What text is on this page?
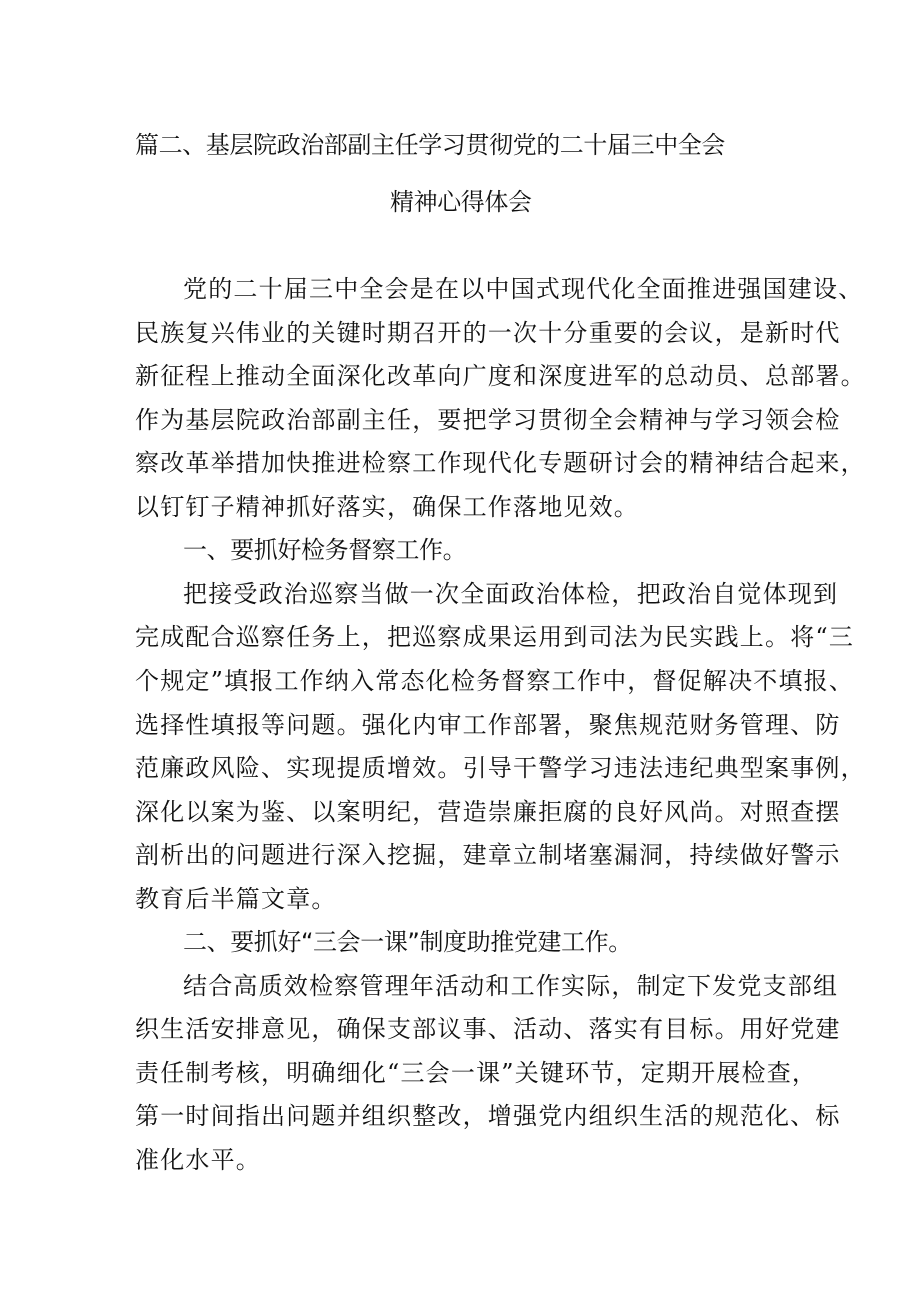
篇二、基层院政治部副主任学习贯彻党的二十届三中全会
精神心得体会
党的二十届三中全会是在以中国式现代化全面推进强国建设、
民族复兴伟业的关键时期召开的一次十分重要的会议，是新时代
新征程上推动全面深化改革向广度和深度进军的总动员、总部署。
作为基层院政治部副主任，要把学习贯彻全会精神与学习领会检
察改革举措加快推进检察工作现代化专题研讨会的精神结合起来，
以钉钉子精神抓好落实，确保工作落地见效。
一、要抓好检务督察工作。
把接受政治巡察当做一次全面政治体检，把政治自觉体现到
完成配合巡察任务上，把巡察成果运用到司法为民实践上。将“三
个规定”填报工作纳入常态化检务督察工作中，督促解决不填报、
选择性填报等问题。强化内审工作部署，聚焦规范财务管理、防
范廉政风险、实现提质增效。引导干警学习违法违纪典型案事例，
深化以案为鉴、以案明纪，营造崇廉拒腐的良好风尚。对照查摆
剖析出的问题进行深入挖掘，建章立制堵塞漏洞，持续做好警示
教育后半篇文章。
二、要抓好“三会一课”制度助推党建工作。
结合高质效检察管理年活动和工作实际，制定下发党支部组
织生活安排意见，确保支部议事、活动、落实有目标。用好党建
责任制考核，明确细化“三会一课”关键环节，定期开展检查，
第一时间指出问题并组织整改，增强党内组织生活的规范化、标
准化水平。
